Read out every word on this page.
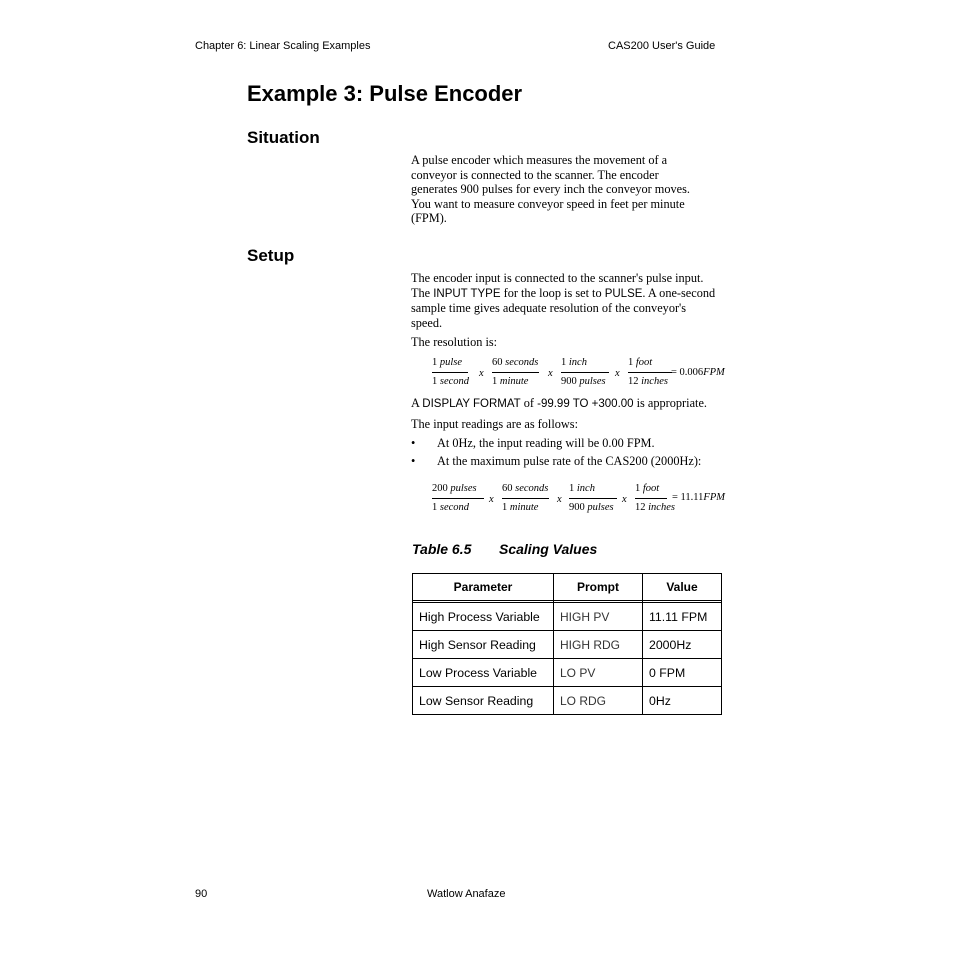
Chapter 6: Linear Scaling Examples	CAS200 User's Guide
Example 3: Pulse Encoder
Situation

A pulse encoder which measures the movement of a
conveyor is connected to the scanner. The encoder
generates 900 pulses for every inch the conveyor moves.
You want to measure conveyor speed in feet per minute
(FPM).

Setup

The encoder input is connected to the scanner's pulse input.
The INPUT TYPE for the loop is set to PULSE. A one-second
sample time gives adequate resolution of the conveyor's
speed.

The resolution is:
1 pulse
1 second
x
60 seconds
1 minute
x
1 inch
900 pulses
x
1 foot
12 inches
= 0.006FPM
A DISPLAY FORMAT of -99.99 TO +300.00 is appropriate.
The input readings are as follows:
• At 0Hz, the input reading will be 0.00 FPM.
• At the maximum pulse rate of the CAS200 (2000Hz):
200 pulses
1 second
x
60 seconds
1 minute
x
1 inch
900 pulses
x
1 foot
12 inches
= 11.11FPM
Table 6.5 Scaling Values
Parameter	Prompt	Value

High Process Variable	HIGH PV	11.11 FPM
High Sensor Reading	HIGH RDG	2000Hz
Low Process Variable	LO PV	0 FPM
Low Sensor Reading	LO RDG	0Hz
90	Watlow Anafaze
